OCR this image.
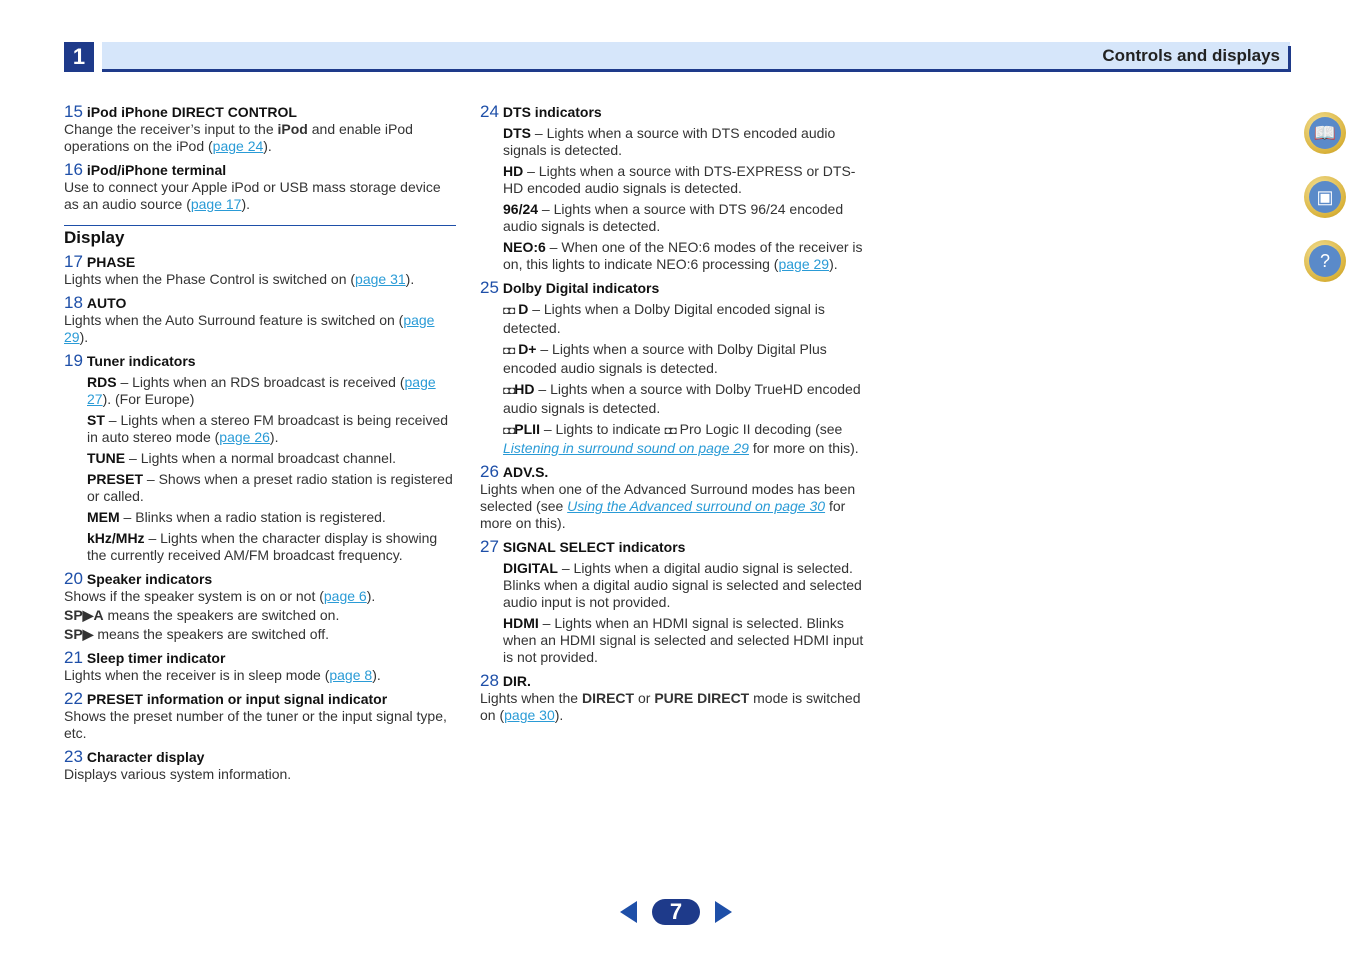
1	Controls and displays
15 iPod iPhone DIRECT CONTROL
Change the receiver’s input to the iPod and enable iPod operations on the iPod (page 24).
16 iPod/iPhone terminal
Use to connect your Apple iPod or USB mass storage device as an audio source (page 17).
Display
17 PHASE
Lights when the Phase Control is switched on (page 31).
18 AUTO
Lights when the Auto Surround feature is switched on (page 29).
19 Tuner indicators
RDS – Lights when an RDS broadcast is received (page 27). (For Europe)
ST – Lights when a stereo FM broadcast is being received in auto stereo mode (page 26).
TUNE – Lights when a normal broadcast channel.
PRESET – Shows when a preset radio station is registered or called.
MEM – Blinks when a radio station is registered.
kHz/MHz – Lights when the character display is showing the currently received AM/FM broadcast frequency.
20 Speaker indicators
Shows if the speaker system is on or not (page 6).
SP▶A means the speakers are switched on.
SP▶ means the speakers are switched off.
21 Sleep timer indicator
Lights when the receiver is in sleep mode (page 8).
22 PRESET information or input signal indicator
Shows the preset number of the tuner or the input signal type, etc.
23 Character display
Displays various system information.
24 DTS indicators
DTS – Lights when a source with DTS encoded audio signals is detected.
HD – Lights when a source with DTS-EXPRESS or DTS-HD encoded audio signals is detected.
96/24 – Lights when a source with DTS 96/24 encoded audio signals is detected.
NEO:6 – When one of the NEO:6 modes of the receiver is on, this lights to indicate NEO:6 processing (page 29).
25 Dolby Digital indicators
◘◘ D – Lights when a Dolby Digital encoded signal is detected.
◘◘ D+ – Lights when a source with Dolby Digital Plus encoded audio signals is detected.
◘◘HD – Lights when a source with Dolby TrueHD encoded audio signals is detected.
◘◘PLII – Lights to indicate ◘◘ Pro Logic II decoding (see Listening in surround sound on page 29 for more on this).
26 ADV.S.
Lights when one of the Advanced Surround modes has been selected (see Using the Advanced surround on page 30 for more on this).
27 SIGNAL SELECT indicators
DIGITAL – Lights when a digital audio signal is selected. Blinks when a digital audio signal is selected and selected audio input is not provided.
HDMI – Lights when an HDMI signal is selected. Blinks when an HDMI signal is selected and selected HDMI input is not provided.
28 DIR.
Lights when the DIRECT or PURE DIRECT mode is switched on (page 30).
📖
▣
?
7
